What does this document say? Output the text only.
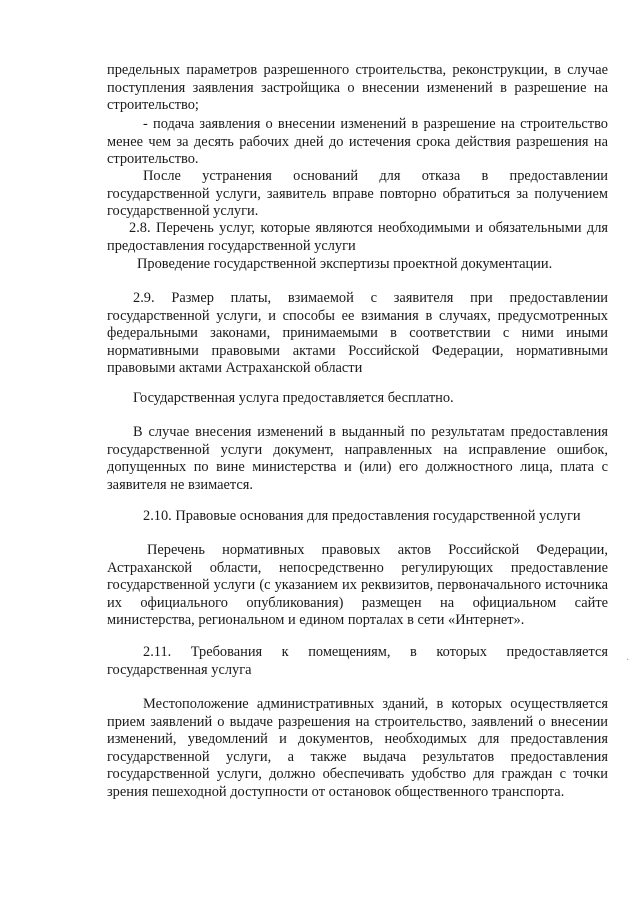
предельных параметров разрешенного строительства, реконструкции, в случае поступления заявления застройщика о внесении изменений в разрешение на строительство;

- подача заявления о внесении изменений в разрешение на строительство менее чем за десять рабочих дней до истечения срока действия разрешения на строительство.

После устранения оснований для отказа в предоставлении государственной услуги, заявитель вправе повторно обратиться за получением государственной услуги.

2.8. Перечень услуг, которые являются необходимыми и обязательными для предоставления государственной услуги

Проведение государственной экспертизы проектной документации.

2.9. Размер платы, взимаемой с заявителя при предоставлении государственной услуги, и способы ее взимания в случаях, предусмотренных федеральными законами, принимаемыми в соответствии с ними иными нормативными правовыми актами Российской Федерации, нормативными правовыми актами Астраханской области

Государственная услуга предоставляется бесплатно.

В случае внесения изменений в выданный по результатам предоставления государственной услуги документ, направленных на исправление ошибок, допущенных по вине министерства и (или) его должностного лица, плата с заявителя не взимается.

2.10. Правовые основания для предоставления государственной услуги

Перечень нормативных правовых актов Российской Федерации, Астраханской области, непосредственно регулирующих предоставление государственной услуги (с указанием их реквизитов, первоначального источника их официального опубликования) размещен на официальном сайте министерства, региональном и едином порталах в сети «Интернет».

2.11. Требования к помещениям, в которых предоставляется государственная услуга

Местоположение административных зданий, в которых осуществляется прием заявлений о выдаче разрешения на строительство, заявлений о внесении изменений, уведомлений и документов, необходимых для предоставления государственной услуги, а также выдача результатов предоставления государственной услуги, должно обеспечивать удобство для граждан с точки зрения пешеходной доступности от остановок общественного транспорта.

·
